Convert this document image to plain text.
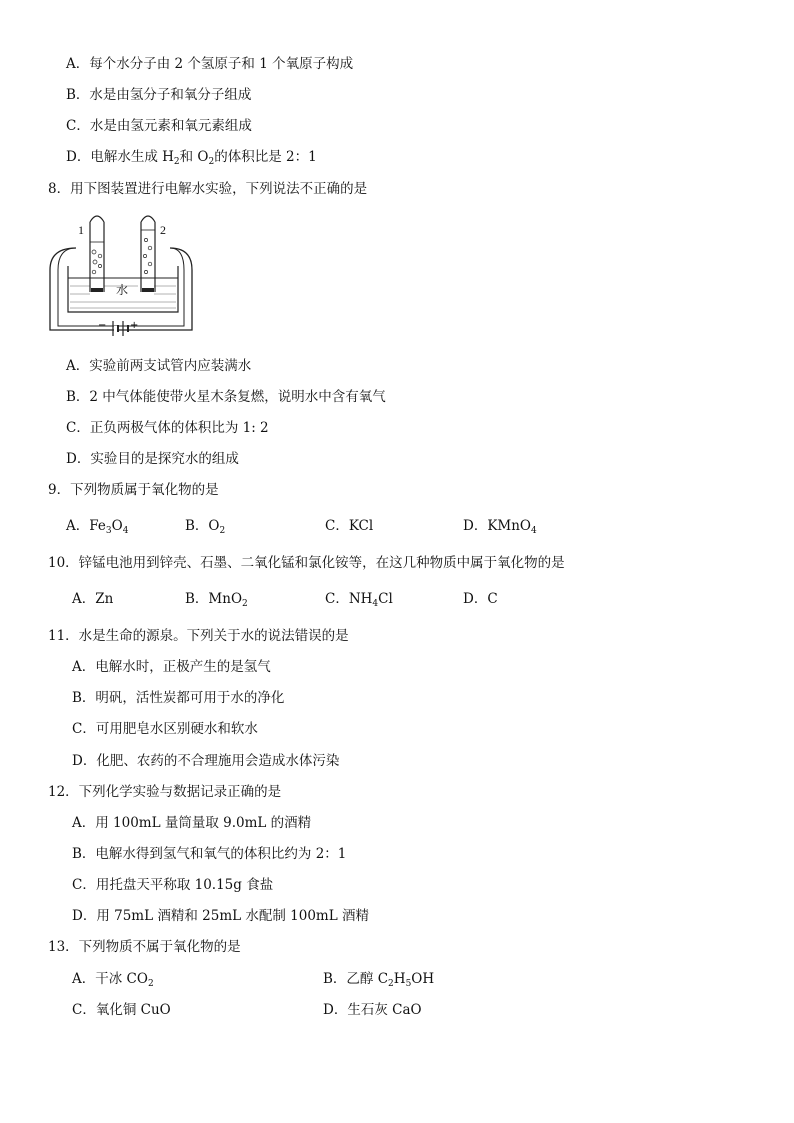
A．每个水分子由 2 个氢原子和 1 个氧原子构成
B．水是由氢分子和氧分子组成
C．水是由氢元素和氧元素组成
D．电解水生成 $H_2$和 $O_2$的体积比是 2：1
8．用下图装置进行电解水实验，下列说法不正确的是
1	2
水
− +
A．实验前两支试管内应装满水
B．2 中气体能使带火星木条复燃，说明水中含有氧气
C．正负两极气体的体积比为 1: 2
D．实验目的是探究水的组成
9．下列物质属于氧化物的是
A．$Fe_3O_4$	B．$O_2$	C．KCl	D．KMnO$_4$
10．锌锰电池用到锌壳、石墨、二氧化锰和氯化铵等，在这几种物质中属于氧化物的是
A．Zn	B．MnO$_2$	C．$NH_4Cl$	D．C
11．水是生命的源泉。下列关于水的说法错误的是
A．电解水时，正极产生的是氢气
B．明矾，活性炭都可用于水的净化
C．可用肥皂水区别硬水和软水
D．化肥、农药的不合理施用会造成水体污染
12．下列化学实验与数据记录正确的是
A．用 100mL 量筒量取 9.0mL 的酒精
B．电解水得到氢气和氧气的体积比约为 2：1
C．用托盘天平称取 10.15g 食盐
D．用 75mL 酒精和 25mL 水配制 100mL 酒精
13．下列物质不属于氧化物的是
A．干冰 $CO_2$	B．乙醇 $C_2H_5OH$
C．氧化铜 CuO	D．生石灰 CaO
